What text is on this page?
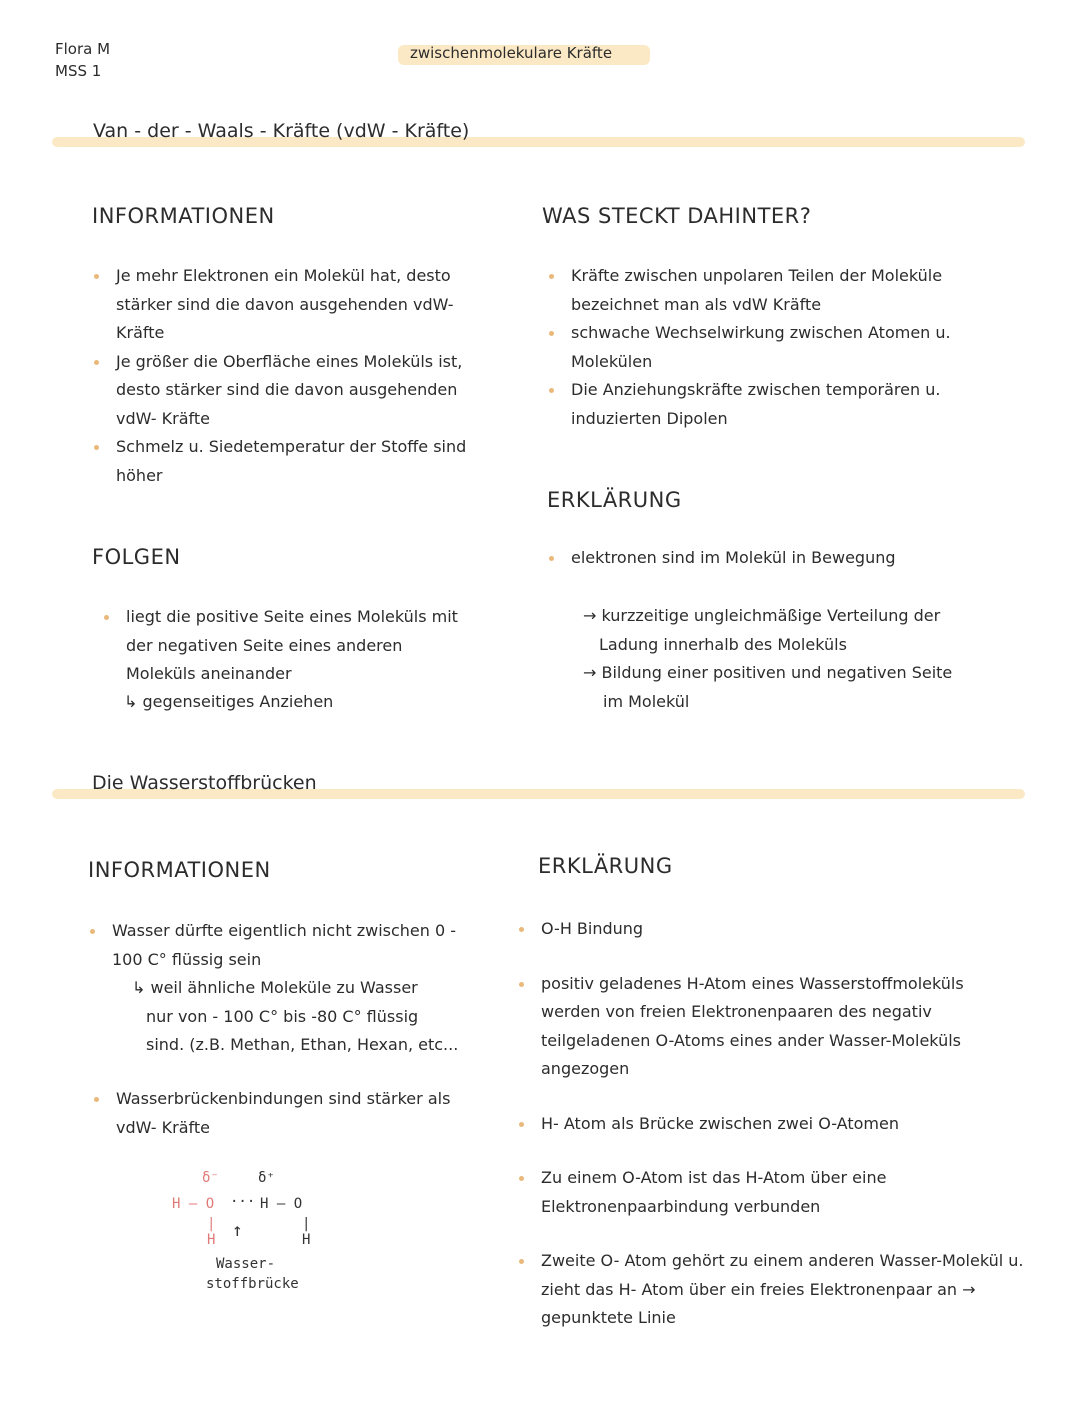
Flora M
MSS 1
zwischenmolekulare Kräfte
Van - der - Waals - Kräfte (vdW - Kräfte)
INFORMATIONEN
Je mehr Elektronen ein Molekül hat, desto stärker sind die davon ausgehenden vdW- Kräfte
Je größer die Oberfläche eines Moleküls ist, desto stärker sind die davon ausgehenden vdW- Kräfte
Schmelz u. Siedetemperatur der Stoffe sind höher
FOLGEN
liegt die positive Seite eines Moleküls mit der negativen Seite eines anderen Moleküls aneinander
↳ gegenseitiges Anziehen
WAS STECKT DAHINTER?
Kräfte zwischen unpolaren Teilen der Moleküle bezeichnet man als vdW Kräfte
schwache Wechselwirkung zwischen Atomen u. Molekülen
Die Anziehungskräfte zwischen temporären u. induzierten Dipolen
ERKLÄRUNG
elektronen sind im Molekül in Bewegung
→ kurzzeitige ungleichmäßige Verteilung der
Ladung innerhalb des Moleküls
→ Bildung einer positiven und negativen Seite
im Molekül
Die Wasserstoffbrücken
INFORMATIONEN
Wasser dürfte eigentlich nicht zwischen 0 - 100 C° flüssig sein
↳ weil ähnliche Moleküle zu Wasser
nur von - 100 C° bis -80 C° flüssig
sind. (z.B. Methan, Ethan, Hexan, etc...
Wasserbrückenbindungen sind stärker als vdW- Kräfte
δ⁻	δ⁺
H — O ··· H — O
|
H ↑	|
H
Wasser-
stoffbrücke
ERKLÄRUNG
O-H Bindung
positiv geladenes H-Atom eines Wasserstoffmoleküls werden von freien Elektronenpaaren des negativ teilgeladenen O-Atoms eines ander Wasser-Moleküls angezogen
H- Atom als Brücke zwischen zwei O-Atomen
Zu einem O-Atom ist das H-Atom über eine Elektronenpaarbindung verbunden
Zweite O- Atom gehört zu einem anderen Wasser-Molekül u. zieht das H- Atom über ein freies Elektronenpaar an → gepunktete Linie
